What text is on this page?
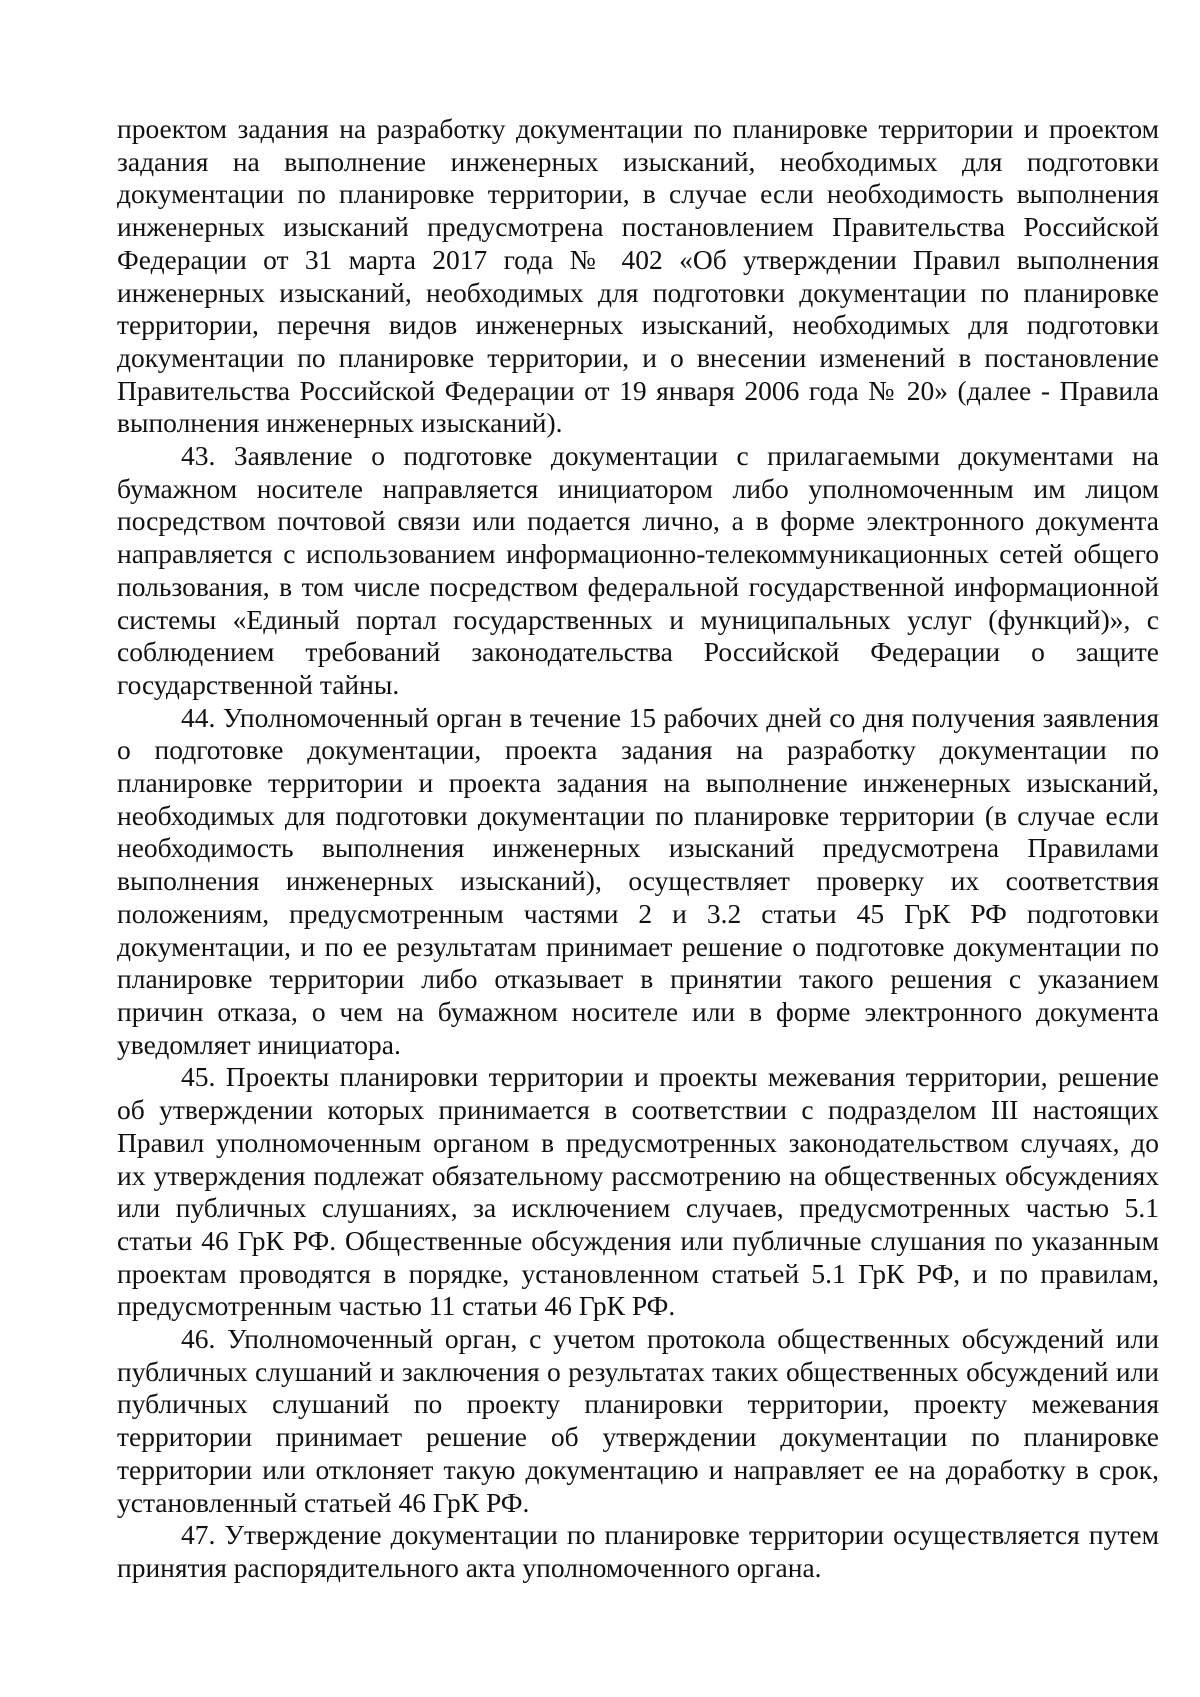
проектом задания на разработку документации по планировке территории и проектом задания на выполнение инженерных изысканий, необходимых для подготовки документации по планировке территории, в случае если необходимость выполнения инженерных изысканий предусмотрена постановлением Правительства Российской Федерации от 31 марта 2017 года № 402 «Об утверждении Правил выполнения инженерных изысканий, необходимых для подготовки документации по планировке территории, перечня видов инженерных изысканий, необходимых для подготовки документации по планировке территории, и о внесении изменений в постановление Правительства Российской Федерации от 19 января 2006 года № 20» (далее - Правила выполнения инженерных изысканий).

43. Заявление о подготовке документации с прилагаемыми документами на бумажном носителе направляется инициатором либо уполномоченным им лицом посредством почтовой связи или подается лично, а в форме электронного документа направляется с использованием информационно-телекоммуникационных сетей общего пользования, в том числе посредством федеральной государственной информационной системы «Единый портал государственных и муниципальных услуг (функций)», с соблюдением требований законодательства Российской Федерации о защите государственной тайны.

44. Уполномоченный орган в течение 15 рабочих дней со дня получения заявления о подготовке документации, проекта задания на разработку документации по планировке территории и проекта задания на выполнение инженерных изысканий, необходимых для подготовки документации по планировке территории (в случае если необходимость выполнения инженерных изысканий предусмотрена Правилами выполнения инженерных изысканий), осуществляет проверку их соответствия положениям, предусмотренным частями 2 и 3.2 статьи 45 ГрК РФ подготовки документации, и по ее результатам принимает решение о подготовке документации по планировке территории либо отказывает в принятии такого решения с указанием причин отказа, о чем на бумажном носителе или в форме электронного документа уведомляет инициатора.

45. Проекты планировки территории и проекты межевания территории, решение об утверждении которых принимается в соответствии с подразделом III настоящих Правил уполномоченным органом в предусмотренных законодательством случаях, до их утверждения подлежат обязательному рассмотрению на общественных обсуждениях или публичных слушаниях, за исключением случаев, предусмотренных частью 5.1 статьи 46 ГрК РФ. Общественные обсуждения или публичные слушания по указанным проектам проводятся в порядке, установленном статьей 5.1 ГрК РФ, и по правилам, предусмотренным частью 11 статьи 46 ГрК РФ.

46. Уполномоченный орган, с учетом протокола общественных обсуждений или публичных слушаний и заключения о результатах таких общественных обсуждений или публичных слушаний по проекту планировки территории, проекту межевания территории принимает решение об утверждении документации по планировке территории или отклоняет такую документацию и направляет ее на доработку в срок, установленный статьей 46 ГрК РФ.

47. Утверждение документации по планировке территории осуществляется путем принятия распорядительного акта уполномоченного органа.
